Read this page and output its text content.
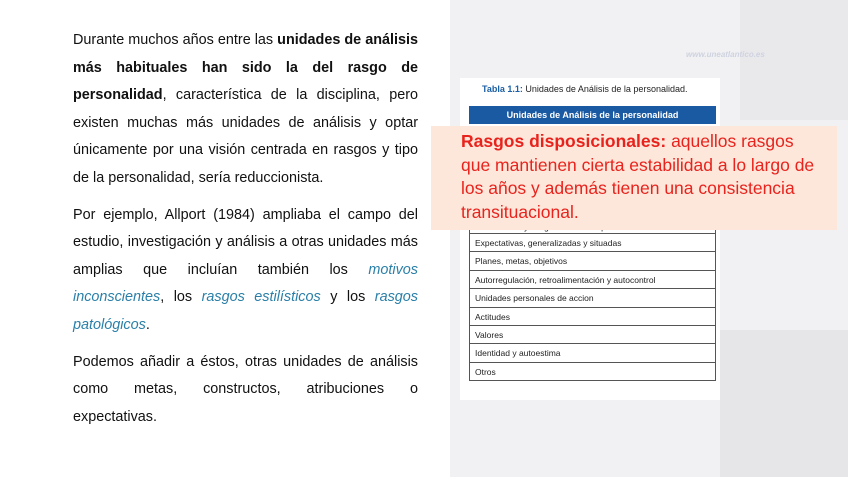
Durante muchos años entre las unidades de análisis más habituales han sido la del rasgo de personalidad, característica de la disciplina, pero existen muchas más unidades de análisis y optar únicamente por una visión centrada en rasgos y tipo de la personalidad, sería reduccionista.

Por ejemplo, Allport (1984) ampliaba el campo del estudio, investigación y análisis a otras unidades más amplias que incluían también los motivos inconscientes, los rasgos estilísticos y los rasgos patológicos.

Podemos añadir a éstos, otras unidades de análisis como metas, constructos, atribuciones o expectativas.

www.uneatlantico.es
Tabla 1.1: Unidades de Análisis de la personalidad.
Unidades de Análisis de la personalidad
Expectativas, generalizadas y situadas
Planes, metas, objetivos
Autorregulación, retroalimentación y autocontrol
Unidades personales de accion
Actitudes
Valores
Identidad y autoestima
Otros
Rasgos disposicionales: aquellos rasgos que mantienen cierta estabilidad a lo largo de los años y además tienen una consistencia transituacional.
